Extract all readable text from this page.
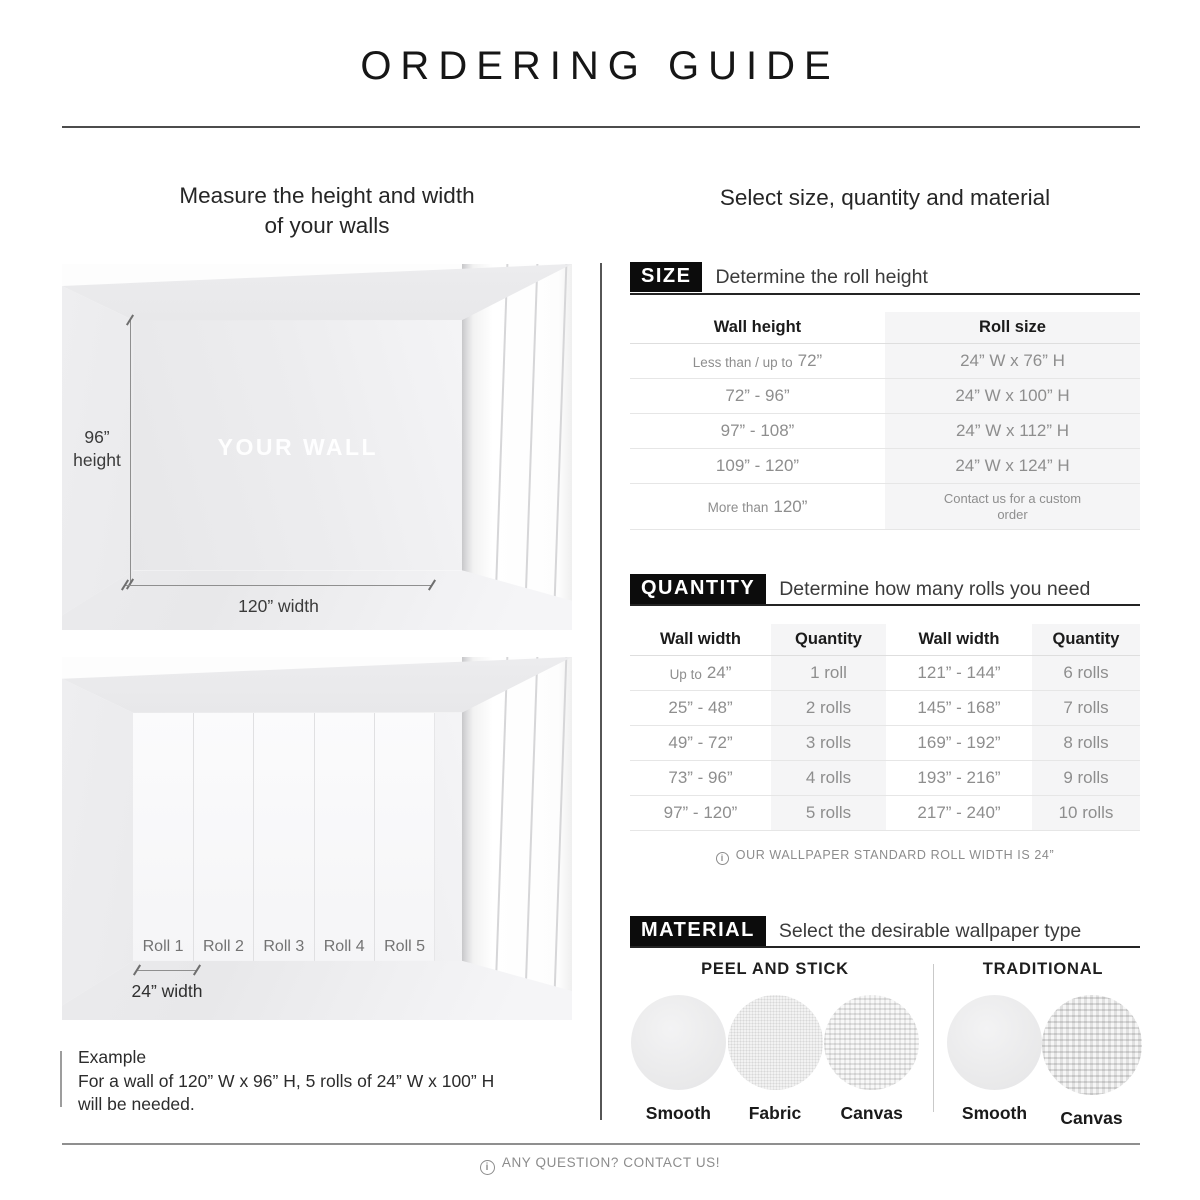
ORDERING GUIDE
Measure the height and width
of your walls
Select size, quantity and material
YOUR WALL
96”
height
120” width
Roll 1	Roll 2	Roll 3	Roll 4	Roll 5
24” width
Example
For a wall of 120” W x 96” H, 5 rolls of 24” W x 100” H
will be needed.
SIZE	Determine the roll height
Wall height	Roll size
Less than / up to 72”	24” W x 76” H
72” - 96”	24” W x 100” H
97” - 108”	24” W x 112” H
109” - 120”	24” W x 124” H
More than 120”	Contact us for a custom order
QUANTITY	Determine how many rolls you need
Wall width	Quantity	Wall width	Quantity
Up to 24”	1 roll	121” - 144”	6 rolls
25” - 48”	2 rolls	145” - 168”	7 rolls
49” - 72”	3 rolls	169” - 192”	8 rolls
73” - 96”	4 rolls	193” - 216”	9 rolls
97” - 120”	5 rolls	217” - 240”	10 rolls
iOUR WALLPAPER STANDARD ROLL WIDTH IS 24”
MATERIAL	Select the desirable wallpaper type
PEEL AND STICK
Smooth Fabric Canvas
TRADITIONAL
Smooth Canvas
iANY QUESTION? CONTACT US!
